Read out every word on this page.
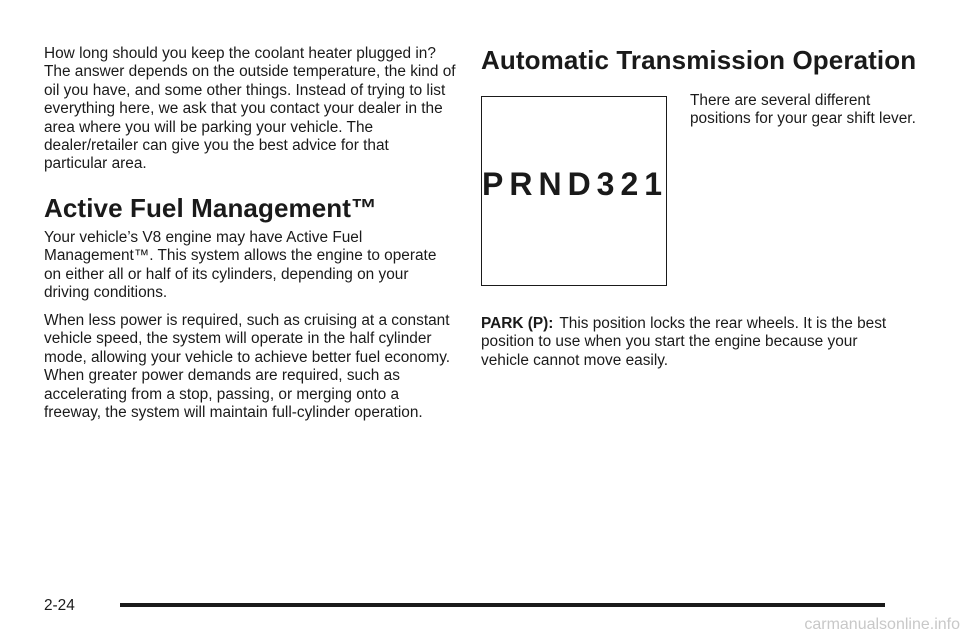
How long should you keep the coolant heater plugged in? The answer depends on the outside temperature, the kind of oil you have, and some other things. Instead of trying to list everything here, we ask that you contact your dealer in the area where you will be parking your vehicle. The dealer/retailer can give you the best advice for that particular area.

Active Fuel Management™

Your vehicle’s V8 engine may have Active Fuel Management™. This system allows the engine to operate on either all or half of its cylinders, depending on your driving conditions.

When less power is required, such as cruising at a constant vehicle speed, the system will operate in the half cylinder mode, allowing your vehicle to achieve better fuel economy. When greater power demands are required, such as accelerating from a stop, passing, or merging onto a freeway, the system will maintain full-cylinder operation.

Automatic Transmission Operation
PRND321

There are several different positions for your gear shift lever.

PARK (P): This position locks the rear wheels. It is the best position to use when you start the engine because your vehicle cannot move easily.

2-24
carmanualsonline.info
